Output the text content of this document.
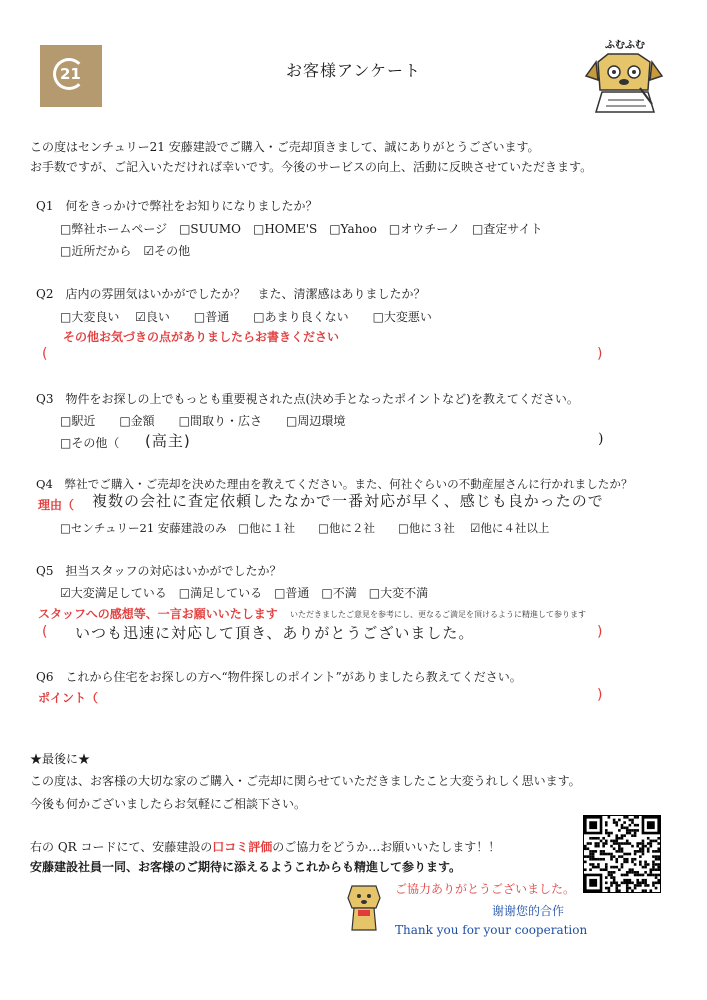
21	お客様アンケート
ふむふむ
この度はセンチュリー21 安藤建設でご購入・ご売却頂きまして、誠にありがとうございます。
お手数ですが、ご記入いただければ幸いです。今後のサービスの向上、活動に反映させていただきます。
Q1　何をきっかけで弊社をお知りになりましたか？
□弊社ホームページ　□SUUMO　□HOME'S　□Yahoo　□オウチーノ　□査定サイト
□近所だから　☑その他
Q2　店内の雰囲気はいかがでしたか？　また、清潔感はありましたか？
□大変良い　 ☑良い　　□普通　　□あまり良くない　　□大変悪い
その他お気づきの点がありましたらお書きください
(	)
Q3　物件をお探しの上でもっとも重要視された点(決め手となったポイントなど)を教えてください。
□駅近　　□金額　　□間取り・広さ　　□周辺環境
□その他（ (高主)	)
Q4　弊社でご購入・ご売却を決めた理由を教えてください。また、何社ぐらいの不動産屋さんに行かれましたか？
理由（ 複数の会社に査定依頼したなかで一番対応が早く、感じも良かったので
□センチュリー21 安藤建設のみ　□他に１社　　□他に２社　　□他に３社　 ☑他に４社以上
Q5　担当スタッフの対応はいかがでしたか？
☑大変満足している　□満足している　□普通　□不満　□大変不満
スタッフへの感想等、一言お願いいたします いただきましたご意見を参考にし、更なるご満足を頂けるように精進して参ります
( いつも迅速に対応して頂き、ありがとうございました。	)
Q6　これから住宅をお探しの方へ“物件探しのポイント”がありましたら教えてください。
ポイント（	)
★最後に★
この度は、お客様の大切な家のご購入・ご売却に関らせていただきましたこと大変うれしく思います。
今後も何かございましたらお気軽にご相談下さい。
右の QR コードにて、安藤建設の口コミ評価のご協力をどうか…お願いいたします！！
安藤建設社員一同、お客様のご期待に添えるようこれからも精進して参ります。
ご協力ありがとうございました。
谢谢您的合作
Thank you for your cooperation
